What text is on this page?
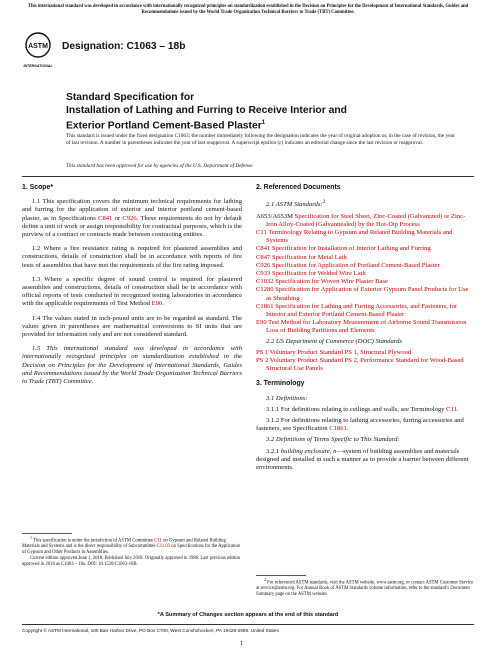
This international standard was developed in accordance with internationally recognized principles on standardization established in the Decision on Principles for the Development of International Standards, Guides and Recommendations issued by the World Trade Organization Technical Barriers to Trade (TBT) Committee.
ASTM
INTERNATIONAL
Designation: C1063 – 18b
Standard Specification for
Installation of Lathing and Furring to Receive Interior and
Exterior Portland Cement-Based Plaster$^1$
This standard is issued under the fixed designation C1063; the number immediately following the designation indicates the year of original adoption or, in the case of revision, the year of last revision. A number in parentheses indicates the year of last reapproval. A superscript epsilon (ε) indicates an editorial change since the last revision or reapproval.
This standard has been approved for use by agencies of the U.S. Department of Defense.
1. Scope*

1.1 This specification covers the minimum technical requirements for lathing and furring for the application of exterior and interior portland cement-based plaster, as in Specifications C841 or C926. These requirements do not by default define a unit of work or assign responsibility for contractual purposes, which is the purview of a contract or contracts made between contracting entities.

1.2 Where a fire resistance rating is required for plastered assemblies and constructions, details of construction shall be in accordance with reports of fire tests of assemblies that have met the requirements of the fire rating imposed.

1.3 Where a specific degree of sound control is required for plastered assemblies and constructions, details of construction shall be in accordance with official reports of tests conducted in recognized testing laboratories in accordance with the applicable requirements of Test Method E90.

1.4 The values stated in inch-pound units are to be regarded as standard. The values given in parentheses are mathematical conversions to SI units that are provided for information only and are not considered standard.

1.5 This international standard was developed in accordance with internationally recognized principles on standardization established in the Decision on Principles for the Development of International Standards, Guides and Recommendations issued by the World Trade Organization Technical Barriers to Trade (TBT) Committee.

2. Referenced Documents
2.1 ASTM Standards:$^2$
A653/A653M Specification for Steel Sheet, Zinc-Coated (Galvanized) or Zinc-Iron Alloy-Coated (Galvannealed) by the Hot-Dip Process
C11 Terminology Relating to Gypsum and Related Building Materials and Systems
C841 Specification for Installation of Interior Lathing and Furring
C847 Specification for Metal Lath
C926 Specification for Application of Portland Cement-Based Plaster
C933 Specification for Welded Wire Lath
C1032 Specification for Woven Wire Plaster Base
C1280 Specification for Application of Exterior Gypsum Panel Products for Use as Sheathing
C1861 Specification for Lathing and Furring Accessories, and Fasteners, for Interior and Exterior Portland Cement-Based Plaster
E90 Test Method for Laboratory Measurement of Airborne Sound Transmission Loss of Building Partitions and Elements
2.2 US Department of Commerce (DOC) Standards
PS 1 Voluntary Product Standard PS 1, Structural Plywood
PS 2 Voluntary Product Standard PS 2, Performance Standard for Wood-Based Structural Use Panels
3. Terminology
3.1 Definitions:
3.1.1 For definitions relating to ceilings and walls, see Terminology C11.
3.1.2 For definitions relating to lathing accessories, furring accessories and fasteners, see Specification C1861.
3.2 Definitions of Terms Specific to This Standard:
3.2.1 building enclosure, n—system of building assemblies and materials designed and installed in such a manner as to provide a barrier between different environments.
$^1$ This specification is under the jurisdiction of ASTM Committee C11 on Gypsum and Related Building Materials and Systems and is the direct responsibility of Subcommittee C11.03 on Specifications for the Application of Gypsum and Other Products in Assemblies.
Current edition approved June 1, 2018. Published July 2018. Originally approved in 1986. Last previous edition approved in 2018 as C1063 – 18a. DOI: 10.1520/C1063-18B.
$^2$ For referenced ASTM standards, visit the ASTM website, www.astm.org, or contact ASTM Customer Service at service@astm.org. For Annual Book of ASTM Standards volume information, refer to the standard's Document Summary page on the ASTM website.
*A Summary of Changes section appears at the end of this standard
Copyright © ASTM International, 100 Barr Harbor Drive, PO Box C700, West Conshohocken, PA 19428-2959. United States
1
